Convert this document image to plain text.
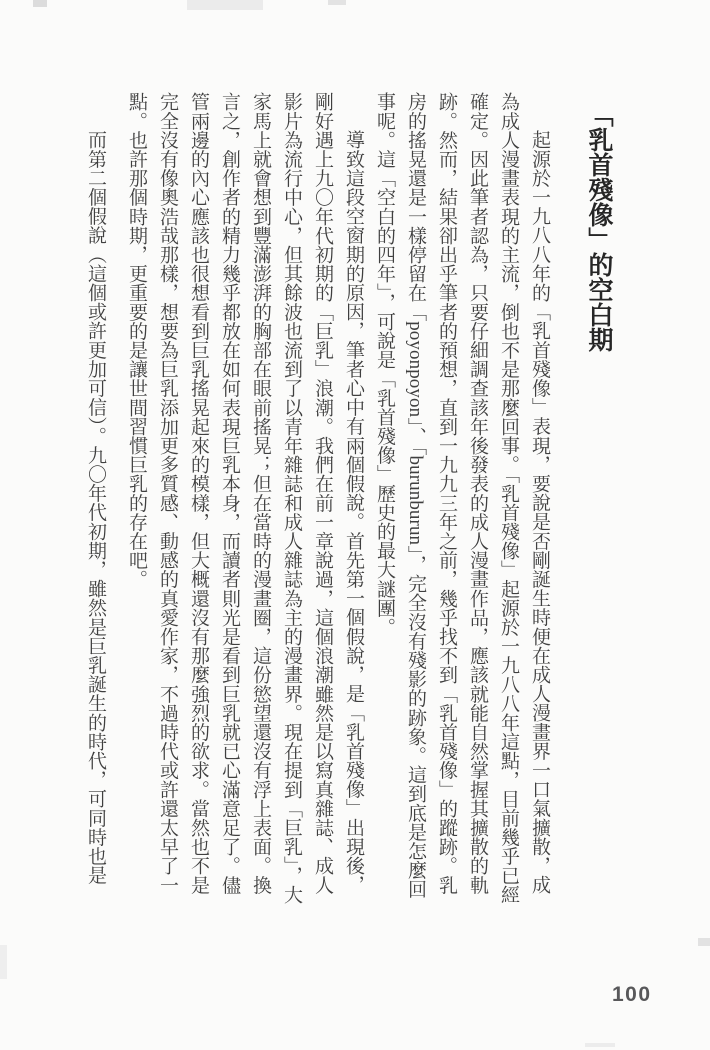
「乳首殘像」的空白期

起源於一九八八年的「乳首殘像」表現，要說是否剛誕生時便在成人漫畫界一口氣擴散，成為成人漫畫表現的主流，倒也不是那麼回事。「乳首殘像」起源於一九八八年這點，目前幾乎已經確定。因此筆者認為，只要仔細調查該年後發表的成人漫畫作品，應該就能自然掌握其擴散的軌跡。然而，結果卻出乎筆者的預想，直到一九九三年之前，幾乎找不到「乳首殘像」的蹤跡。乳房的搖晃還是一樣停留在「poyonpoyon」、「burunburun」，完全沒有殘影的跡象。這到底是怎麼回事呢。這「空白的四年」，可說是「乳首殘像」歷史的最大謎團。

導致這段空窗期的原因，筆者心中有兩個假說。首先第一個假說，是「乳首殘像」出現後，剛好遇上九〇年代初期的「巨乳」浪潮。我們在前一章說過，這個浪潮雖然是以寫真雜誌、成人影片為流行中心，但其餘波也流到了以青年雜誌和成人雜誌為主的漫畫界。現在提到「巨乳」，大家馬上就會想到豐滿澎湃的胸部在眼前搖晃；但在當時的漫畫圈，這份慾望還沒有浮上表面。換言之，創作者的精力幾乎都放在如何表現巨乳本身，而讀者則光是看到巨乳就已心滿意足了。儘管兩邊的內心應該也很想看到巨乳搖晃起來的模樣，但大概還沒有那麼強烈的欲求。當然也不是完全沒有像奧浩哉那樣，想要為巨乳添加更多質感、動感的真愛作家，不過時代或許還太早了一點。也許那個時期，更重要的是讓世間習慣巨乳的存在吧。

而第二個假說（這個或許更加可信）。九〇年代初期，雖然是巨乳誕生的時代，可同時也是

100
